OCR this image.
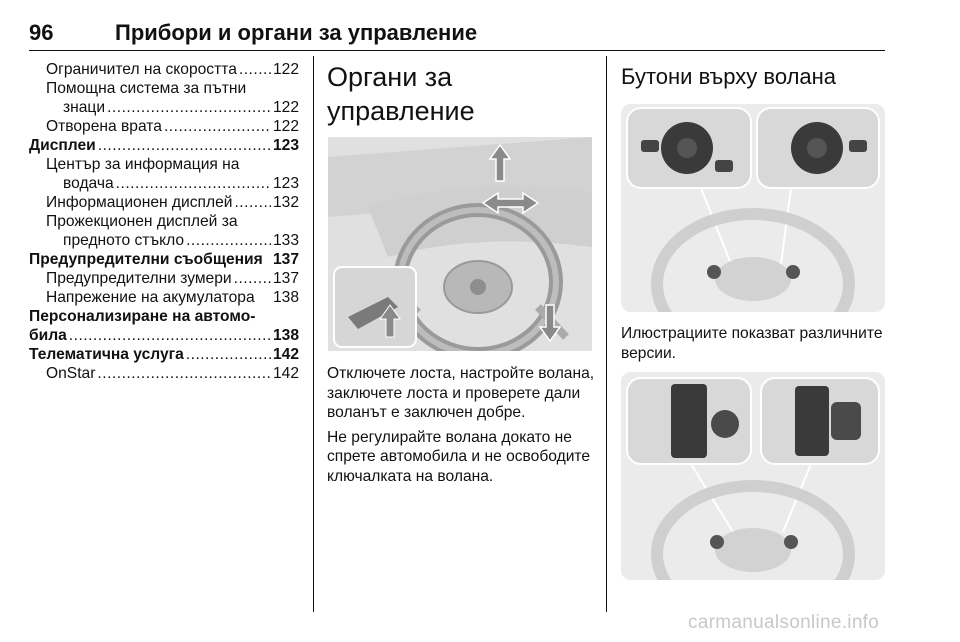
96	Прибори и органи за управление
Ограничител на скоростта ..... 122
Помощна система за пътни
знаци .....	122
Отворена врата .....	122
Дисплеи .....	123
Център за информация на
водача .....	123
Информационен дисплей .....	132
Прожекционен дисплей за
предното стъкло .....	133
Предупредителни съобщения 137
Предупредителни зумери .....	137
Напрежение на акумулатора 138
Персонализиране на автомо-
била .....	138
Телематична услуга .....	142
OnStar .....	142
Органи за управление

Отключете лоста, настройте волана, заключете лоста и проверете дали воланът е заключен добре.

Не регулирайте волана докато не спрете автомобила и не освободите ключалката на волана.

Бутони върху волана

Илюстрациите показват различните версии.

carmanualsonline.info
